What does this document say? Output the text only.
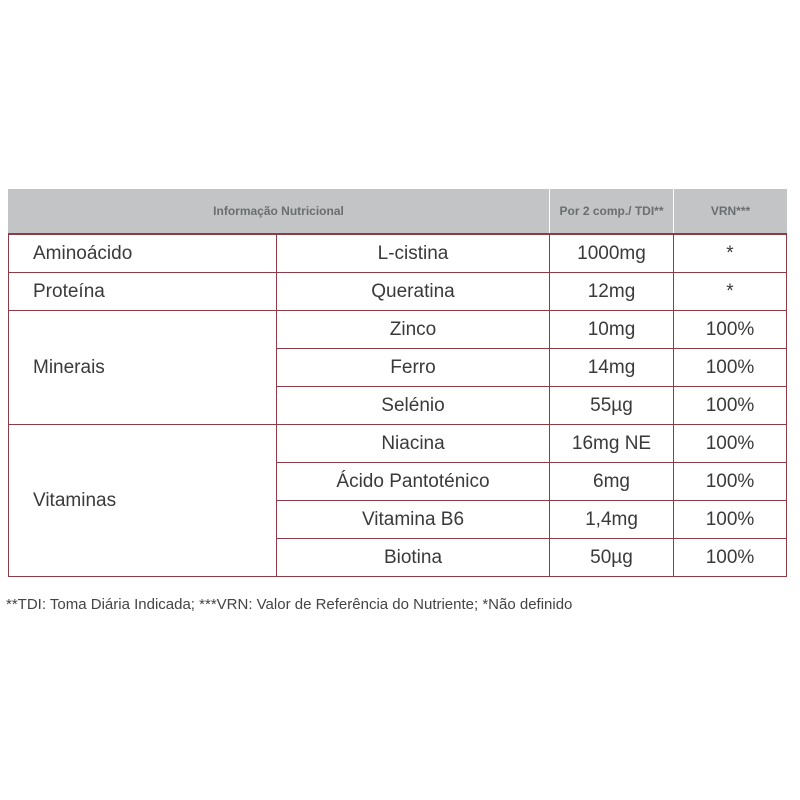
Informação Nutricional		Por 2 comp./ TDI**	VRN***
Aminoácido	L-cistina	1000mg	*
Proteína	Queratina	12mg	*
Minerais	Zinco	10mg	100%
	Ferro	14mg	100%
	Selénio	55µg	100%
Vitaminas	Niacina	16mg NE	100%
	Ácido Pantoténico	6mg	100%
	Vitamina B6	1,4mg	100%
	Biotina	50µg	100%
**TDI: Toma Diária Indicada; ***VRN: Valor de Referência do Nutriente; *Não definido
